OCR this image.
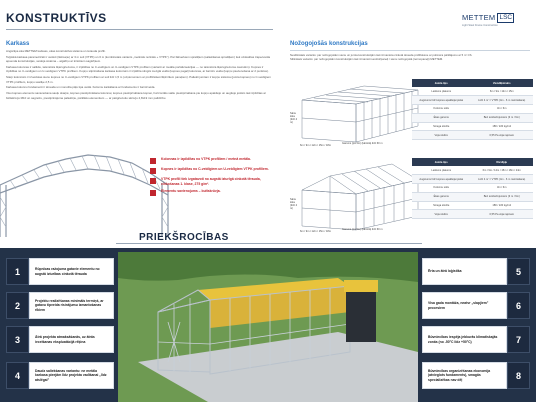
KONSTRUKTĪVS	METTEM LSC
Light Steel Frame Construction
Karkass

Angārtipa ēka METTEM karkass, ēkas konstruktīvā sistēma un tērauda profili.

Teļpiskā karkasa parametrizēti ir veidoti (lāšmaņu) ar 3 m soli (VTPK) un 6 m (kombinētais variants „metināts rezināts + VTPK"). Par fākverkiem spraišļiem (saliekšanas spraišļiem) tiek uzskatītas trapecveida apvenda konstrukcijas, veidoja sistēma – atgāžņu ar kritošiem sagāžņiem.

Karkasa kolonnas ir salikšu, taisnstūra šķērsgriezuma, ir izpildītas no C-veidīgiem un U-veidīgiem VTPK profiliem (varianti ar metāla portālu/sekcijas — no taisnstūra šķērsgriezuma caurulēm). Kopnes ir izpildītas no C-veidīgiem un U-veidīgiem VTPK profiliem. Kopņu stiprināšana karkasa kolonnām ir izpildīta stingrā mezglā veidā (kopnes pagal) kolonnas, ar šarnīru veida (kopņu pievienošana ar 2 punktos).

Starp kolonnām ir izveidotas sienu kopnes no C-veidīgiem VTPK profiliem ar soli līdz 1,5 m (uzņēmumiem ar profilizētiem/šķirnītiem paneļiem). Paliekti jumtam ir kopņu sistēma (jumta kopnes) no C-veidīgiem VTPK profiliem, kopņu sastiķe 2,5 m.

Karkasa kolonnu fundamenti ir tērauda un monolīta pāļu tipa veidā. Kolonnu karkāšana ar fundamentu ir šarnīrveida.

Visu kopnes elementu savienošana sauļu skarpē, kopnes piestiprināšana kolonnai, kopnes piestiprināšana kopnei, horizontālo saišu piestiprināšana pie kopņu apakšējo un augšējo joslām tiek izpildītas ar būltskrūvju M10 un sagreizu, piestiprinājuma paliekšņu, pārklāšu elementiem — ar pašgriezošo skrūvju 4,8x19 mm palīdzību.

Kolonnas ir izpildītas no VTPK profiliem / metnā metāla.
Kopnes ir izpildītas no C-veidīgiem un U-veidīgiem VTPK profiliem.
VTPK profili tiek izgatavoti no augstā izturīgā cinkotā tērauda, cinkošanas 1. klase, 275 g/m².
Elementu savienojums – bultskrūvja.
Nožogojošās konstrukcijas

Nesiltinātais variants: par nožogojošām sienu un jumta konstrukcijām tiek izmantota cinkotā tērauda profilloksne ar polimēra pārklājumu ar 5 m' CS.

Siltinātais variants: par nožogojošām konstrukcijām tiek izmantoti sendvičpaneļi / sienu nožogojošā (termopaneļi) METTEM.

Sānu loka (līdz 4 m)
6m / 9m / 12m / 15m / 18m
Garums (pa 3m) (kārtotā) līdz 60 m
Jumta tips	Viendāļstrains
Laidums platums	6m / 9m / 12m / 15m
Augstums līdz kopnes apakšējai joslai	Līdz 4 m' = VTPK (4m - 6 m metināšana)
Kolonnu solis	3m / 6m
Ēkas garums	Bez ierobežojumiem (3 m / 6m)
Sniega slodze	180 / 220 kg/m2
Vēja slodze	0,55 Pa vēja rajonam
Sānu loka (līdz 4 m)
6m / 9m / 12m / 15m / 18m
Garums (pa 3m) (kārtotā) līdz 60 m
Jumta tips	Divslīpju
Laidums platums	6m / 9m / 12m / 15m / 18m / 24m
Augstums līdz kopnes apakšējai joslai	Līdz 4 m' = VTPK (4m - 6 m metināšana)
Kolonnu solis	3m / 6m
Ēkas garums	Bez ierobežojumiem (3 m / 6m)
Sniega slodze	180 / 220 kg/m2
Vēja slodze	0,55 Pa vēja rajonam
PRIEKŠROCĪBAS
1	Rūpnīcas ražojuma gatavie elementu no augstā izturības cinkotā tērauda
2	Projektu realizēšanas minimāls termiņš, ar gatavu tipveida risinājumu izmantošanas rīkiem
3	Ātrā projekta atmaksāšanās, uz ātrās iecelšanas ekspluatācijā rēķina
4	Daudz saliekšanas variantu: ne metāla karkasa pieejām līdz projekta vadīšanai „līdz atslēgai"
5
Ērta un ātrā loģistika
6
Visa gada montāža, neatvr „slapjiem" procesiem
7
Būvniecības iespēja jebkurās klimatiskajās zonās (no -50°C līdz +50°C)
8
Būvniecības organizēšanas ekonomija (atvieglots fundaments), smagās specializēkas nav dēļ
